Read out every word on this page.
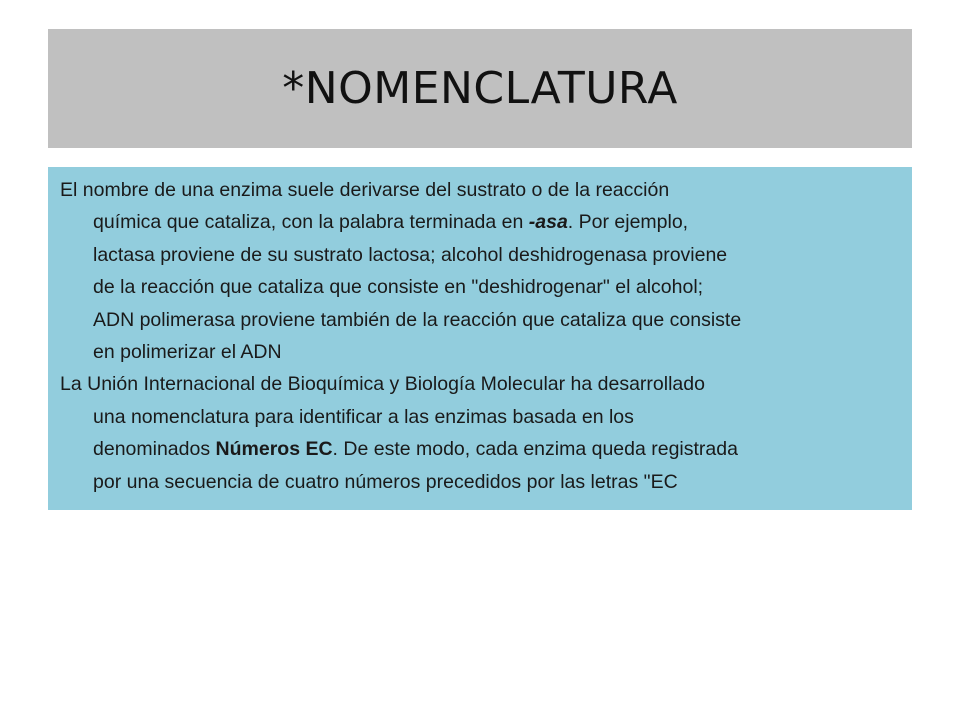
*NOMENCLATURA

El nombre de una enzima suele derivarse del sustrato o de la reacción
química que cataliza, con la palabra terminada en -asa. Por ejemplo,
lactasa proviene de su sustrato lactosa; alcohol deshidrogenasa proviene
de la reacción que cataliza que consiste en "deshidrogenar" el alcohol;
ADN polimerasa proviene también de la reacción que cataliza que consiste
en polimerizar el ADN

La Unión Internacional de Bioquímica y Biología Molecular ha desarrollado
una nomenclatura para identificar a las enzimas basada en los
denominados Números EC. De este modo, cada enzima queda registrada
por una secuencia de cuatro números precedidos por las letras "EC
